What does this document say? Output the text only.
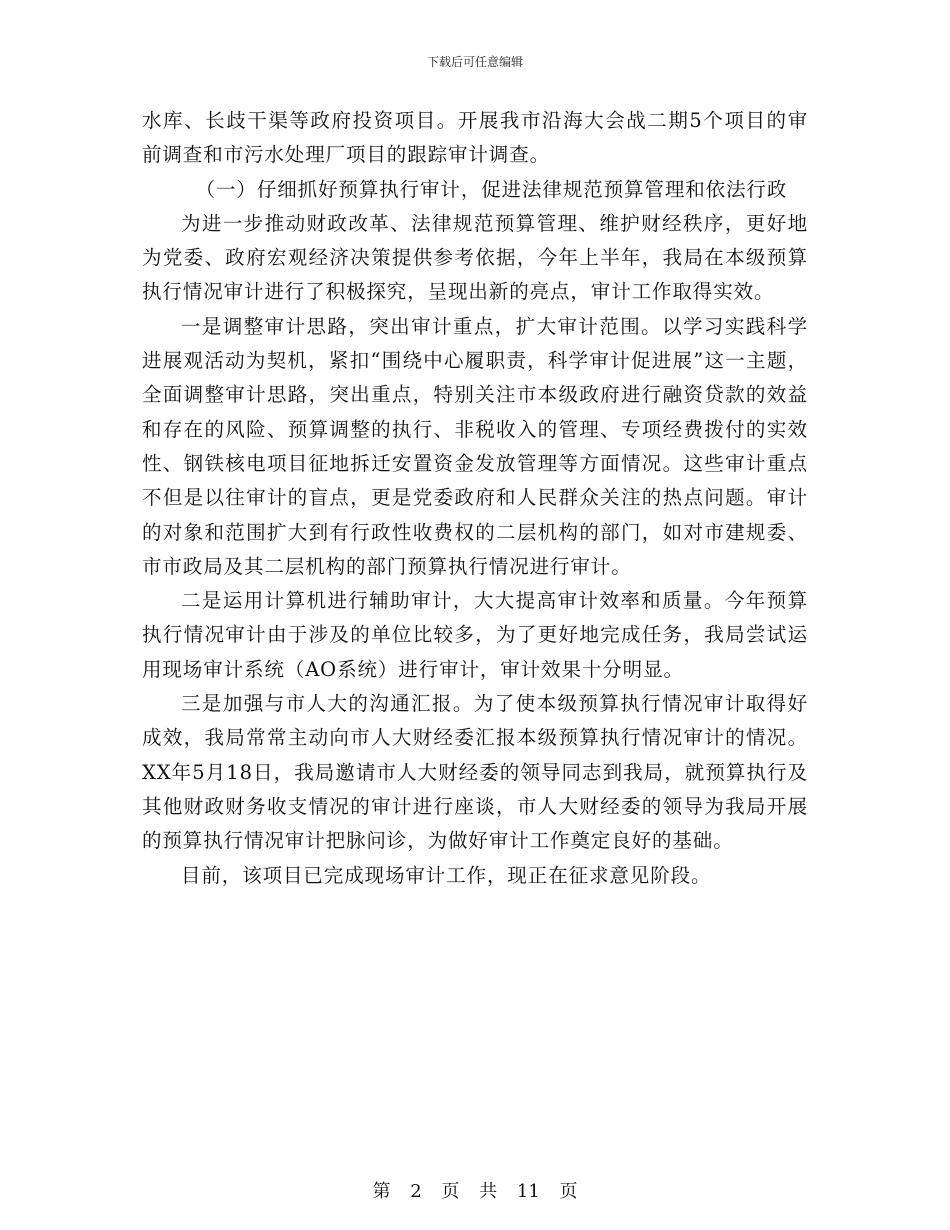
下载后可任意编辑

水库、长歧干渠等政府投资项目。开展我市沿海大会战二期5个项目的审前调查和市污水处理厂项目的跟踪审计调查。

（一）仔细抓好预算执行审计，促进法律规范预算管理和依法行政

为进一步推动财政改革、法律规范预算管理、维护财经秩序，更好地为党委、政府宏观经济决策提供参考依据，今年上半年，我局在本级预算执行情况审计进行了积极探究，呈现出新的亮点，审计工作取得实效。

一是调整审计思路，突出审计重点，扩大审计范围。以学习实践科学进展观活动为契机，紧扣“围绕中心履职责，科学审计促进展”这一主题，全面调整审计思路，突出重点，特别关注市本级政府进行融资贷款的效益和存在的风险、预算调整的执行、非税收入的管理、专项经费拨付的实效性、钢铁核电项目征地拆迁安置资金发放管理等方面情况。这些审计重点不但是以往审计的盲点，更是党委政府和人民群众关注的热点问题。审计的对象和范围扩大到有行政性收费权的二层机构的部门，如对市建规委、市市政局及其二层机构的部门预算执行情况进行审计。

二是运用计算机进行辅助审计，大大提高审计效率和质量。今年预算执行情况审计由于涉及的单位比较多，为了更好地完成任务，我局尝试运用现场审计系统（AO系统）进行审计，审计效果十分明显。

三是加强与市人大的沟通汇报。为了使本级预算执行情况审计取得好成效，我局常常主动向市人大财经委汇报本级预算执行情况审计的情况。XX年5月18日，我局邀请市人大财经委的领导同志到我局，就预算执行及其他财政财务收支情况的审计进行座谈，市人大财经委的领导为我局开展的预算执行情况审计把脉问诊，为做好审计工作奠定良好的基础。

目前，该项目已完成现场审计工作，现正在征求意见阶段。

第 2 页 共 11 页
